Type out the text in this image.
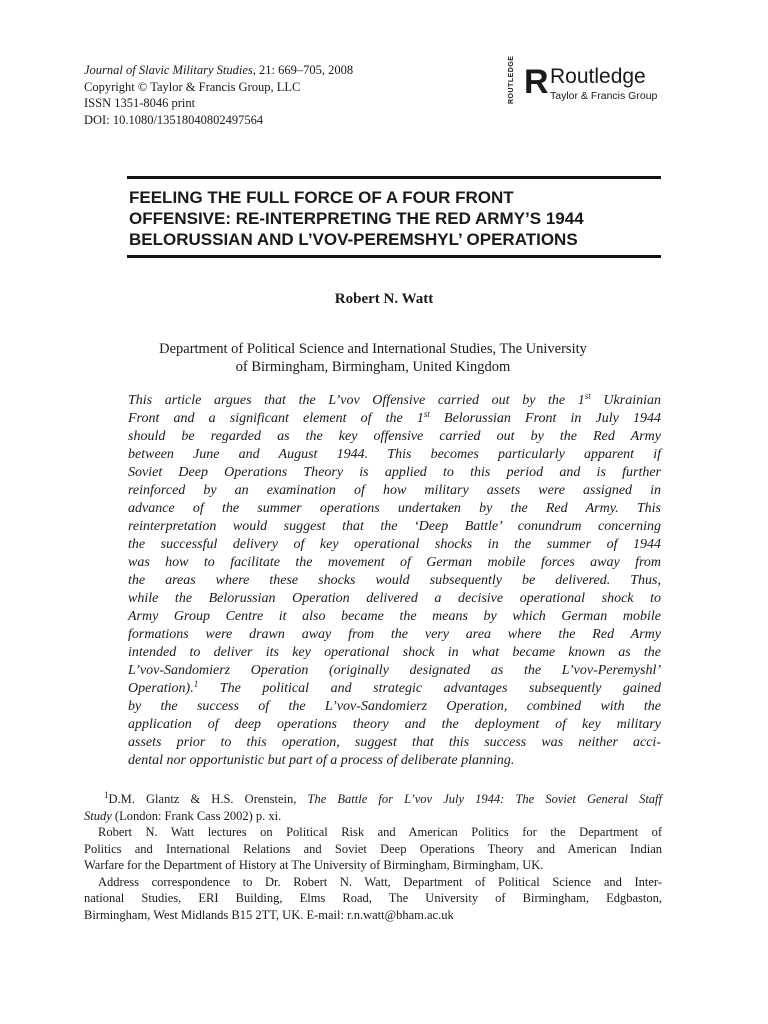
Journal of Slavic Military Studies, 21: 669–705, 2008
Copyright © Taylor & Francis Group, LLC
ISSN 1351-8046 print
DOI: 10.1080/13518040802497564
ROUTLEDGE R Routledge
Taylor & Francis Group
FEELING THE FULL FORCE OF A FOUR FRONT
OFFENSIVE: RE-INTERPRETING THE RED ARMY’S 1944
BELORUSSIAN AND L’VOV-PEREMSHYL’ OPERATIONS
Robert N. Watt
Department of Political Science and International Studies, The University
of Birmingham, Birmingham, United Kingdom
This article argues that the L’vov Offensive carried out by the 1st Ukrainian
Front and a significant element of the 1st Belorussian Front in July 1944
should be regarded as the key offensive carried out by the Red Army
between June and August 1944. This becomes particularly apparent if
Soviet Deep Operations Theory is applied to this period and is further
reinforced by an examination of how military assets were assigned in
advance of the summer operations undertaken by the Red Army. This
reinterpretation would suggest that the ‘Deep Battle’ conundrum concerning
the successful delivery of key operational shocks in the summer of 1944
was how to facilitate the movement of German mobile forces away from
the areas where these shocks would subsequently be delivered. Thus,
while the Belorussian Operation delivered a decisive operational shock to
Army Group Centre it also became the means by which German mobile
formations were drawn away from the very area where the Red Army
intended to deliver its key operational shock in what became known as the
L’vov-Sandomierz Operation (originally designated as the L’vov-Peremyshl’
Operation).$^1$ The political and strategic advantages subsequently gained
by the success of the L’vov-Sandomierz Operation, combined with the
application of deep operations theory and the deployment of key military
assets prior to this operation, suggest that this success was neither acci-
dental nor opportunistic but part of a process of deliberate planning.
$^1$D.M. Glantz & H.S. Orenstein, The Battle for L’vov July 1944: The Soviet General Staff
Study (London: Frank Cass 2002) p. xi.
Robert N. Watt lectures on Political Risk and American Politics for the Department of
Politics and International Relations and Soviet Deep Operations Theory and American Indian
Warfare for the Department of History at The University of Birmingham, Birmingham, UK.
Address correspondence to Dr. Robert N. Watt, Department of Political Science and Inter-
national Studies, ERI Building, Elms Road, The University of Birmingham, Edgbaston,
Birmingham, West Midlands B15 2TT, UK. E-mail: r.n.watt@bham.ac.uk
